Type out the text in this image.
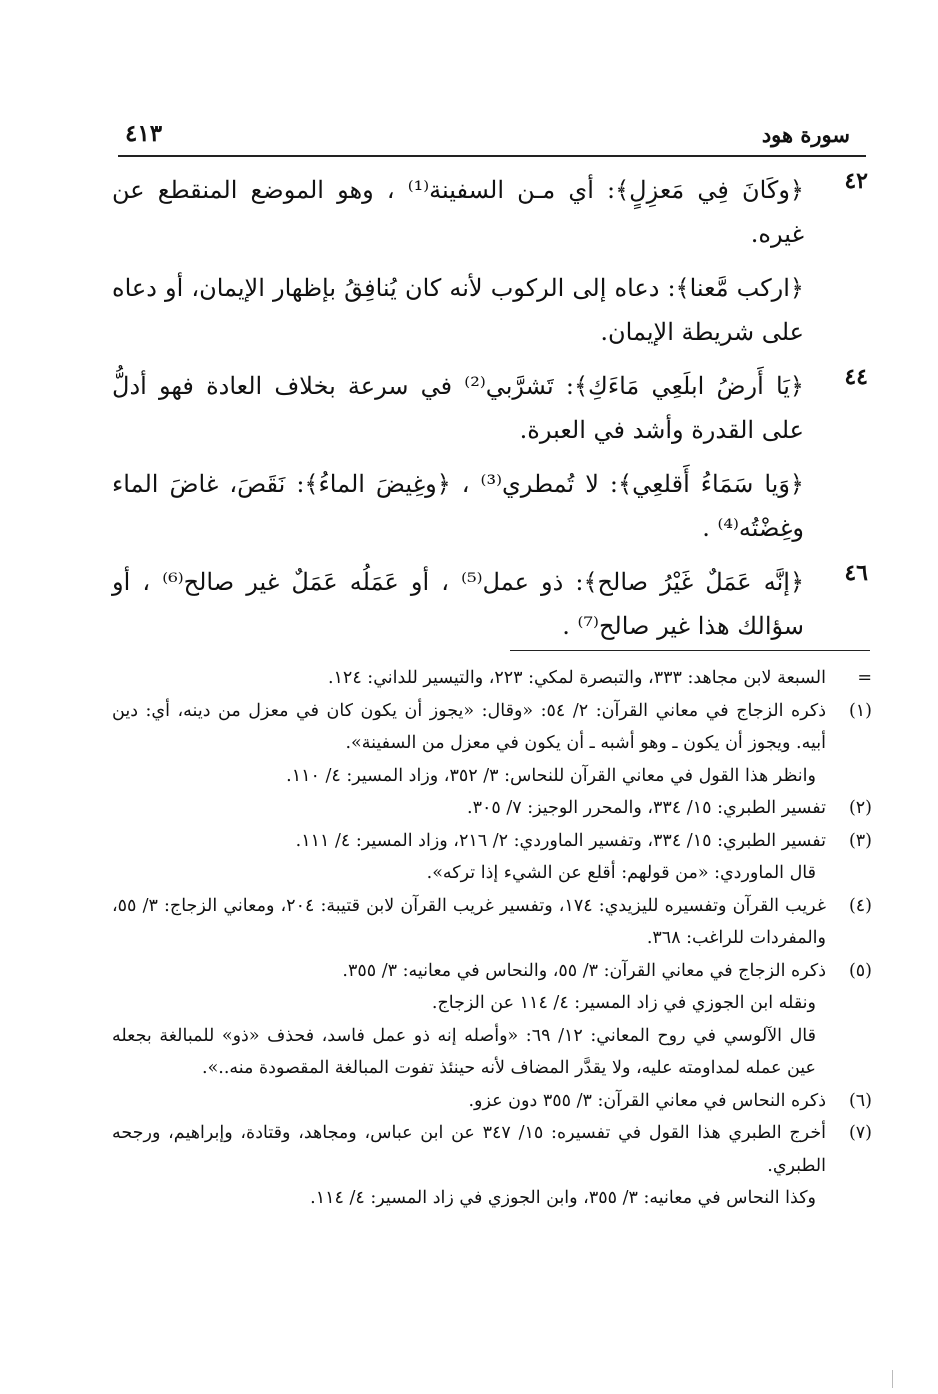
سورة هود
٤١٣
٤٢

﴿وكَانَ فِي مَعزِلٍ﴾: أي مـن السفينة⁽¹⁾ ، وهو الموضع المنقطع عن غيره.

﴿اركب مَّعنا﴾: دعاه إلى الركوب لأنه كان يُنافِقُ بإظهار الإيمان، أو دعاه على شريطة الإيمان.

٤٤

﴿يَا أَرضُ ابلَعِي مَاءَكِ﴾: تَشرَّبي⁽²⁾ في سرعة بخلاف العادة فهو أدلُّ على القدرة وأشد في العبرة.

﴿وَيا سَمَاءُ أَقلعِي﴾: لا تُمطري⁽³⁾ ، ﴿وغِيضَ الماءُ﴾: نَقَصَ، غاضَ الماء وغِضْتُه⁽⁴⁾ .

٤٦

﴿إنَّه عَمَلٌ غَيْرُ صالح﴾: ذو عمل⁽⁵⁾ ، أو عَمَلُه عَمَلٌ غير صالح⁽⁶⁾ ، أو سؤالك هذا غير صالح⁽⁷⁾ .

=

السبعة لابن مجاهد: ٣٣٣، والتبصرة لمكي: ٢٢٣، والتيسير للداني: ١٢٤.

(١)

ذكره الزجاج في معاني القرآن: ٢/ ٥٤: «وقال: «يجوز أن يكون كان في معزل من دينه، أي: دين أبيه. ويجوز أن يكون ـ وهو أشبه ـ أن يكون في معزل من السفينة».

وانظر هذا القول في معاني القرآن للنحاس: ٣/ ٣٥٢، وزاد المسير: ٤/ ١١٠.

(٢)

تفسير الطبري: ١٥/ ٣٣٤، والمحرر الوجيز: ٧/ ٣٠٥.

(٣)

تفسير الطبري: ١٥/ ٣٣٤، وتفسير الماوردي: ٢/ ٢١٦، وزاد المسير: ٤/ ١١١.

قال الماوردي: «من قولهم: أقلع عن الشيء إذا تركه».

(٤)

غريب القرآن وتفسيره لليزيدي: ١٧٤، وتفسير غريب القرآن لابن قتيبة: ٢٠٤، ومعاني الزجاج: ٣/ ٥٥، والمفردات للراغب: ٣٦٨.

(٥)

ذكره الزجاج في معاني القرآن: ٣/ ٥٥، والنحاس في معانيه: ٣/ ٣٥٥.

ونقله ابن الجوزي في زاد المسير: ٤/ ١١٤ عن الزجاج.

قال الآلوسي في روح المعاني: ١٢/ ٦٩: «وأصله إنه ذو عمل فاسد، فحذف «ذو» للمبالغة بجعله عين عمله لمداومته عليه، ولا يقدَّر المضاف لأنه حينئذ تفوت المبالغة المقصودة منه..».

(٦)

ذكره النحاس في معاني القرآن: ٣/ ٣٥٥ دون عزو.

(٧)

أخرج الطبري هذا القول في تفسيره: ١٥/ ٣٤٧ عن ابن عباس، ومجاهد، وقتادة، وإبراهيم، ورجحه الطبري.

وكذا النحاس في معانيه: ٣/ ٣٥٥، وابن الجوزي في زاد المسير: ٤/ ١١٤.
